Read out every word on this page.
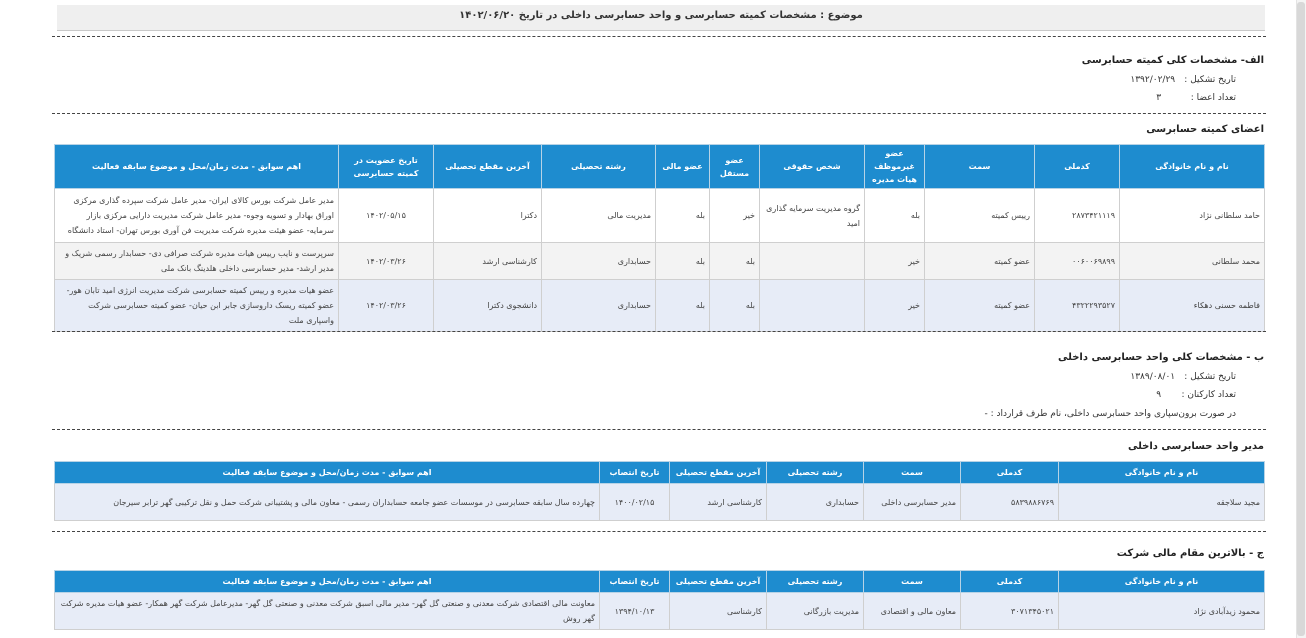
موضوع : مشخصات کمیته حسابرسی و واحد حسابرسی داخلی در تاریخ ۱۴۰۲/۰۶/۲۰
الف- مشخصات کلی کمیته حسابرسی
تاریخ تشکیل : ۱۳۹۲/۰۲/۲۹
تعداد اعضا : ۳
اعضای کمیته حسابرسی
نام و نام خانوادگی	کدملی	سمت	عضو غیرموظف هیات مدیره	شخص حقوقی	عضو مستقل	عضو مالی	رشته تحصیلی	آخرین مقطع تحصیلی	تاریخ عضویت در کمیته حسابرسی	اهم سوابق - مدت زمان/محل و موضوع سابقه فعالیت
حامد سلطانی نژاد	۲۸۷۳۴۲۱۱۱۹	رییس کمیته	بله	گروه مدیریت سرمایه گذاری امید	خیر	بله	مدیریت مالی	دکترا	۱۴۰۲/۰۵/۱۵	مدیر عامل شرکت بورس کالای ایران- مدیر عامل شرکت سپرده گذاری مرکزی اوراق بهادار و تسویه وجوه- مدیر عامل شرکت مدیریت دارایی مرکزی بازار سرمایه- عضو هیئت مدیره شرکت مدیریت فن آوری بورس تهران- استاد دانشگاه
محمد سلطانی	۰۰۶۰۰۶۹۸۹۹	عضو کمیته	خیر		بله	بله	حسابداری	کارشناسی ارشد	۱۴۰۲/۰۳/۲۶	سرپرست و نایب رییس هیات مدیره شرکت صرافی دی- حسابدار رسمی شریک و مدیر ارشد- مدیر حسابرسی داخلی هلدینگ بانک ملی
فاطمه حسنی دهکاء	۴۳۲۲۲۹۳۵۲۷	عضو کمیته	خیر		بله	بله	حسابداری	دانشجوی دکترا	۱۴۰۲/۰۳/۲۶	عضو هیات مدیره و رییس کمیته حسابرسی شرکت مدیریت انرژی امید تابان هور- عضو کمیته ریسک داروسازی جابر ابن حیان- عضو کمیته حسابرسی شرکت واسپاری ملت
ب - مشخصات کلی واحد حسابرسی داخلی
تاریخ تشکیل : ۱۳۸۹/۰۸/۰۱
تعداد کارکنان : ۹
در صورت برون‌سپاری واحد حسابرسی داخلی، نام طرف قرارداد : -
مدیر واحد حسابرسی داخلی
نام و نام خانوادگی	کدملی	سمت	رشته تحصیلی	آخرین مقطع تحصیلی	تاریخ انتصاب	اهم سوابق - مدت زمان/محل و موضوع سابقه فعالیت
مجید سلاجقه	۵۸۳۹۸۸۶۷۶۹	مدیر حسابرسی داخلی	حسابداری	کارشناسی ارشد	۱۴۰۰/۰۲/۱۵	چهارده سال سابقه حسابرسی در موسسات عضو جامعه حسابداران رسمی - معاون مالی و پشتیبانی شرکت حمل و نقل ترکیبی گهر ترابر سیرجان
ج - بالاترین مقام مالی شرکت
نام و نام خانوادگی	کدملی	سمت	رشته تحصیلی	آخرین مقطع تحصیلی	تاریخ انتصاب	اهم سوابق - مدت زمان/محل و موضوع سابقه فعالیت
محمود زیدآبادی نژاد	۳۰۷۱۳۴۵۰۲۱	معاون مالی و اقتصادی	مدیریت بازرگانی	کارشناسی	۱۳۹۴/۱۰/۱۳	معاونت مالی اقتصادی شرکت معدنی و صنعتی گل گهر- مدیر مالی اسبق شرکت معدنی و صنعتی گل گهر- مدیرعامل شرکت گهر همکار- عضو هیات مدیره شرکت گهر روش
